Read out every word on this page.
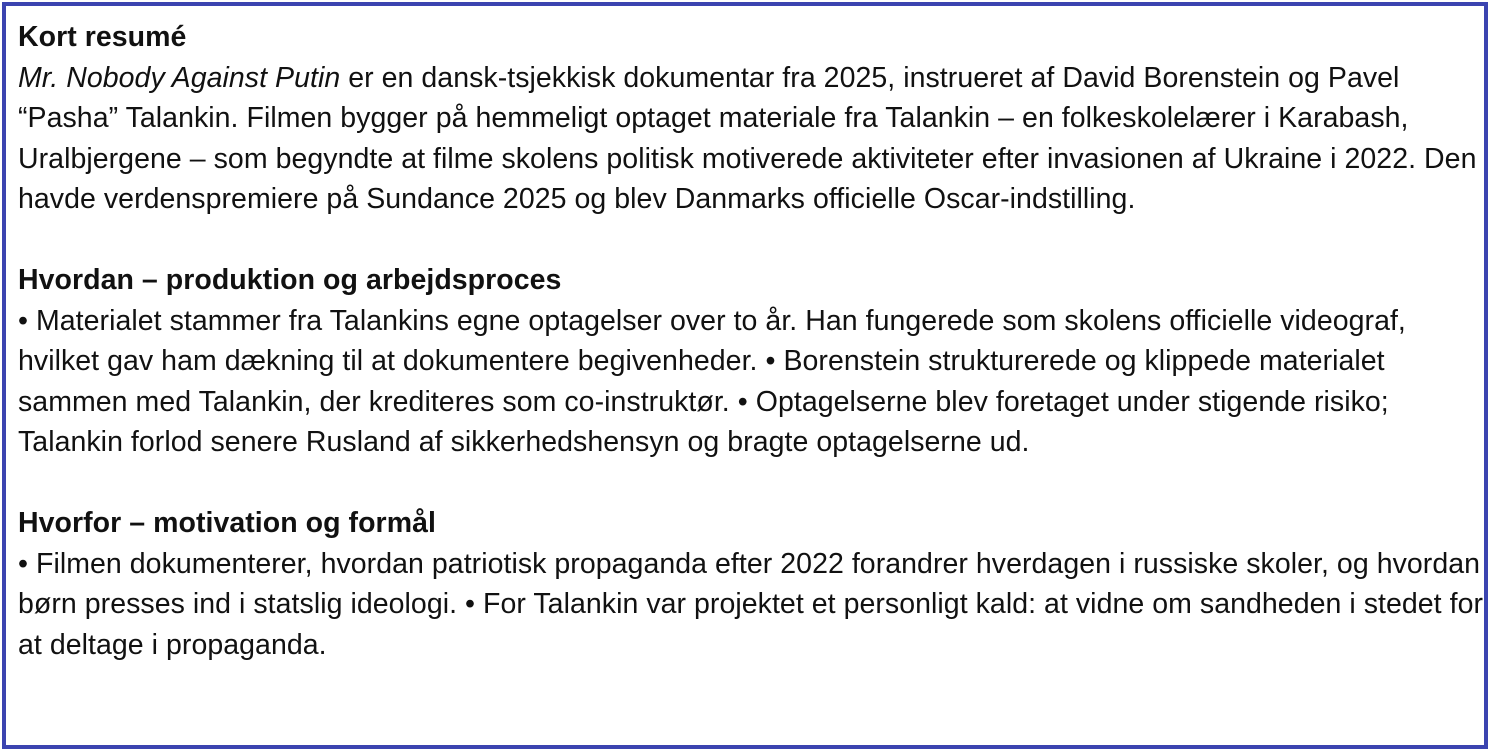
Kort resumé

Mr. Nobody Against Putin er en dansk-tsjekkisk dokumentar fra 2025, instrueret af David Borenstein og Pavel “Pasha” Talankin. Filmen bygger på hemmeligt optaget materiale fra Talankin – en folkeskolelærer i Karabash, Uralbjergene – som begyndte at filme skolens politisk motiverede aktiviteter efter invasionen af Ukraine i 2022. Den havde verdenspremiere på Sundance 2025 og blev Danmarks officielle Oscar-indstilling.

Hvordan – produktion og arbejdsproces

• Materialet stammer fra Talankins egne optagelser over to år. Han fungerede som skolens officielle videograf, hvilket gav ham dækning til at dokumentere begivenheder. • Borenstein strukturerede og klippede materialet sammen med Talankin, der krediteres som co-instruktør. • Optagelserne blev foretaget under stigende risiko; Talankin forlod senere Rusland af sikkerhedshensyn og bragte optagelserne ud.

Hvorfor – motivation og formål

• Filmen dokumenterer, hvordan patriotisk propaganda efter 2022 forandrer hverdagen i russiske skoler, og hvordan børn presses ind i statslig ideologi. • For Talankin var projektet et personligt kald: at vidne om sandheden i stedet for at deltage i propaganda.
